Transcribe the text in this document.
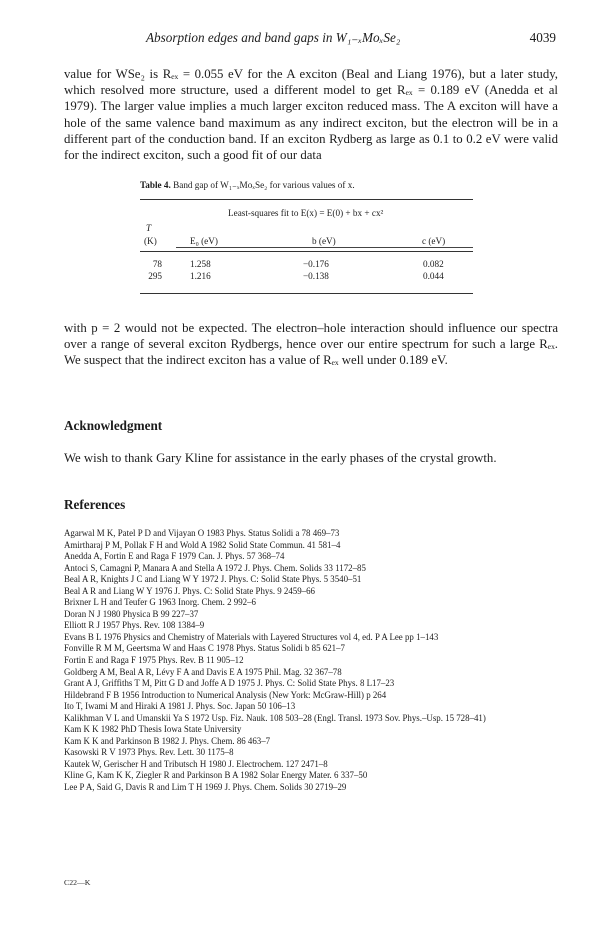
Absorption edges and band gaps in W₁₋ₓMoₓSe₂	4039

value for WSe₂ is Rₑₓ = 0.055 eV for the A exciton (Beal and Liang 1976), but a later study, which resolved more structure, used a different model to get Rₑₓ = 0.189 eV (Anedda et al 1979). The larger value implies a much larger exciton reduced mass. The A exciton will have a hole of the same valence band maximum as any indirect exciton, but the electron will be in a different part of the conduction band. If an exciton Rydberg as large as 0.1 to 0.2 eV were valid for the indirect exciton, such a good fit of our data

Table 4. Band gap of W₁₋ₓMoₓSe₂ for various values of x.
Least-squares fit to E(x) = E(0) + bx + cx²
T
(K)	E₀ (eV)	b (eV)	c (eV)
78	1.258	−0.176	0.082
295	1.216	−0.138	0.044

with p = 2 would not be expected. The electron–hole interaction should influence our spectra over a range of several exciton Rydbergs, hence over our entire spectrum for such a large Rₑₓ. We suspect that the indirect exciton has a value of Rₑₓ well under 0.189 eV.

Acknowledgment
We wish to thank Gary Kline for assistance in the early phases of the crystal growth.
References
Agarwal M K, Patel P D and Vijayan O 1983 Phys. Status Solidi a 78 469–73
Amirtharaj P M, Pollak F H and Wold A 1982 Solid State Commun. 41 581–4
Anedda A, Fortin E and Raga F 1979 Can. J. Phys. 57 368–74
Antoci S, Camagni P, Manara A and Stella A 1972 J. Phys. Chem. Solids 33 1172–85
Beal A R, Knights J C and Liang W Y 1972 J. Phys. C: Solid State Phys. 5 3540–51
Beal A R and Liang W Y 1976 J. Phys. C: Solid State Phys. 9 2459–66
Brixner L H and Teufer G 1963 Inorg. Chem. 2 992–6
Doran N J 1980 Physica B 99 227–37
Elliott R J 1957 Phys. Rev. 108 1384–9
Evans B L 1976 Physics and Chemistry of Materials with Layered Structures vol 4, ed. P A Lee pp 1–143
Fonville R M M, Geertsma W and Haas C 1978 Phys. Status Solidi b 85 621–7
Fortin E and Raga F 1975 Phys. Rev. B 11 905–12
Goldberg A M, Beal A R, Lévy F A and Davis E A 1975 Phil. Mag. 32 367–78
Grant A J, Griffiths T M, Pitt G D and Joffe A D 1975 J. Phys. C: Solid State Phys. 8 L17–23
Hildebrand F B 1956 Introduction to Numerical Analysis (New York: McGraw-Hill) p 264
Ito T, Iwami M and Hiraki A 1981 J. Phys. Soc. Japan 50 106–13
Kalikhman V L and Umanskii Ya S 1972 Usp. Fiz. Nauk. 108 503–28 (Engl. Transl. 1973 Sov. Phys.–Usp. 15 728–41)
Kam K K 1982 PhD Thesis Iowa State University
Kam K K and Parkinson B 1982 J. Phys. Chem. 86 463–7
Kasowski R V 1973 Phys. Rev. Lett. 30 1175–8
Kautek W, Gerischer H and Tributsch H 1980 J. Electrochem. 127 2471–8
Kline G, Kam K K, Ziegler R and Parkinson B A 1982 Solar Energy Mater. 6 337–50
Lee P A, Said G, Davis R and Lim T H 1969 J. Phys. Chem. Solids 30 2719–29
C22—K
